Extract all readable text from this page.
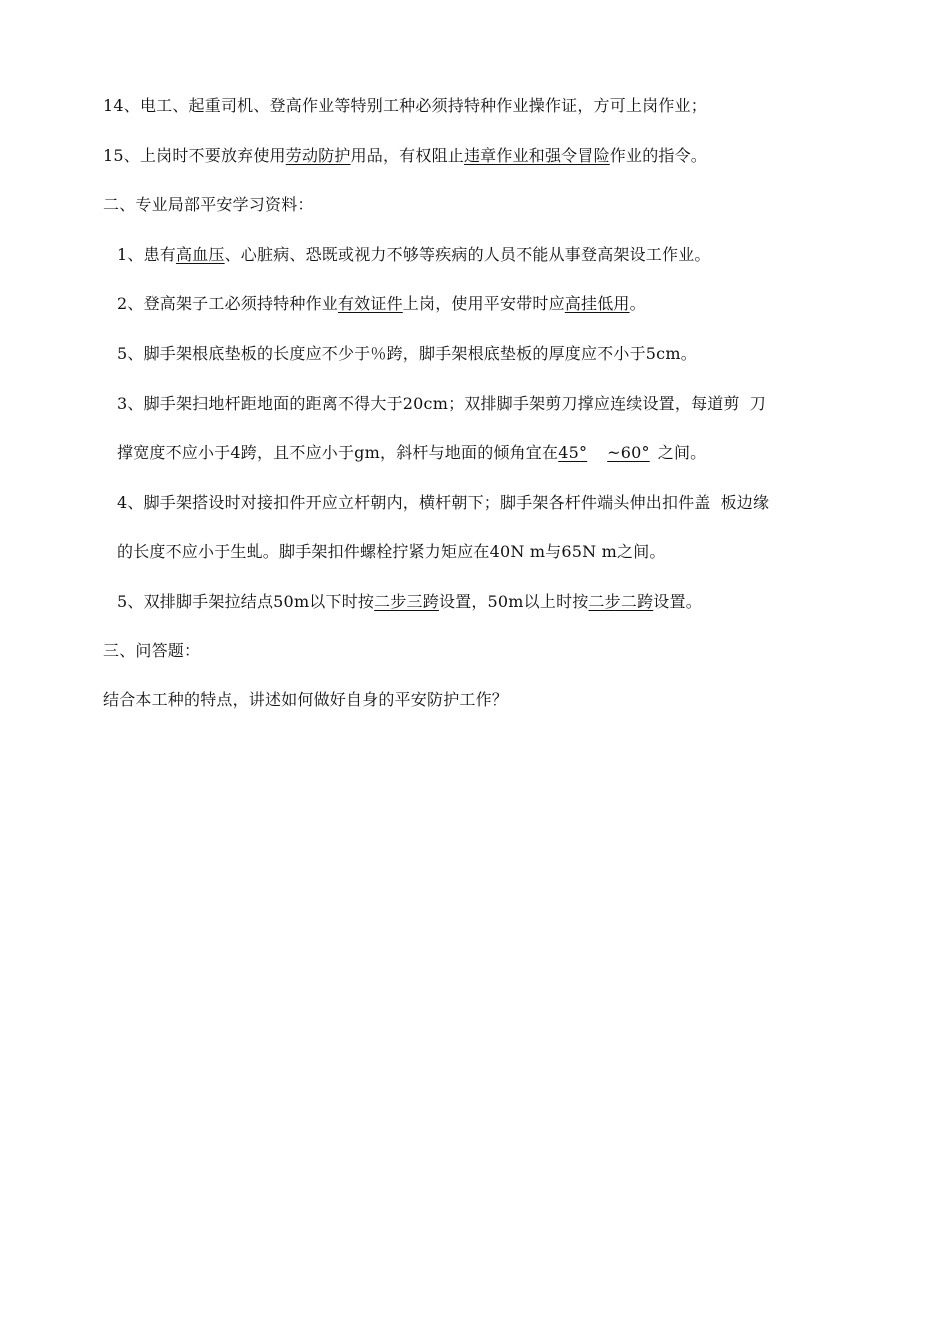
14、电工、起重司机、登高作业等特别工种必须持特种作业操作证，方可上岗作业；
15、上岗时不要放弃使用劳动防护用品，有权阻止违章作业和强令冒险作业的指令。
二、专业局部平安学习资料：
1、患有高血压、心脏病、恐既或视力不够等疾病的人员不能从事登高架设工作业。
2、登高架子工必须持特种作业有效证件上岗，使用平安带时应高挂低用。
5、脚手架根底垫板的长度应不少于％跨，脚手架根底垫板的厚度应不小于5cm。
3、脚手架扫地杆距地面的距离不得大于20cm；双排脚手架剪刀撑应连续设置，每道剪 刀
撑宽度不应小于4跨，且不应小于gm，斜杆与地面的倾角宜在45° ~60° 之间。
4、脚手架搭设时对接扣件开应立杆朝内，横杆朝下；脚手架各杆件端头伸出扣件盖 板边缘
的长度不应小于生虬。脚手架扣件螺栓拧紧力矩应在40N m与65N m之间。
5、双排脚手架拉结点50m以下时按二步三跨设置，50m以上时按二步二跨设置。
三、问答题：
结合本工种的特点，讲述如何做好自身的平安防护工作？
